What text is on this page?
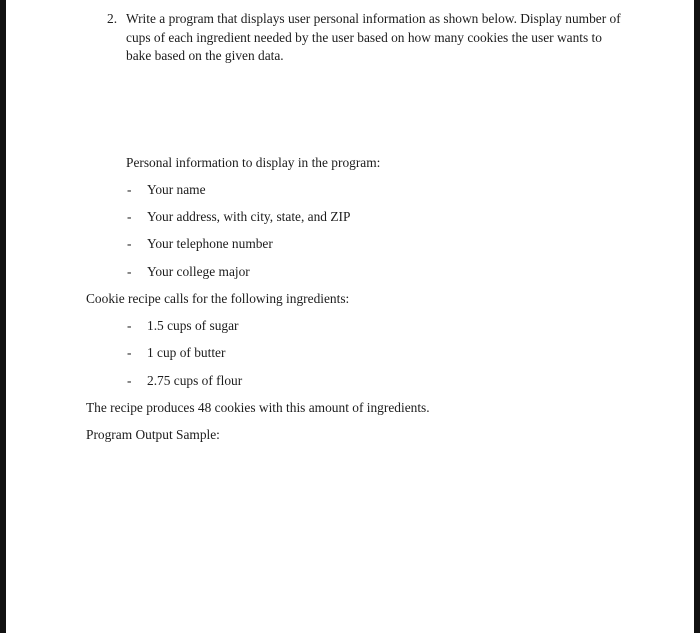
2. Write a program that displays user personal information as shown below. Display number of cups of each ingredient needed by the user based on how many cookies the user wants to bake based on the given data.
Personal information to display in the program:
- Your name
- Your address, with city, state, and ZIP
- Your telephone number
- Your college major
Cookie recipe calls for the following ingredients:
- 1.5 cups of sugar
- 1 cup of butter
- 2.75 cups of flour
The recipe produces 48 cookies with this amount of ingredients.
Program Output Sample:
